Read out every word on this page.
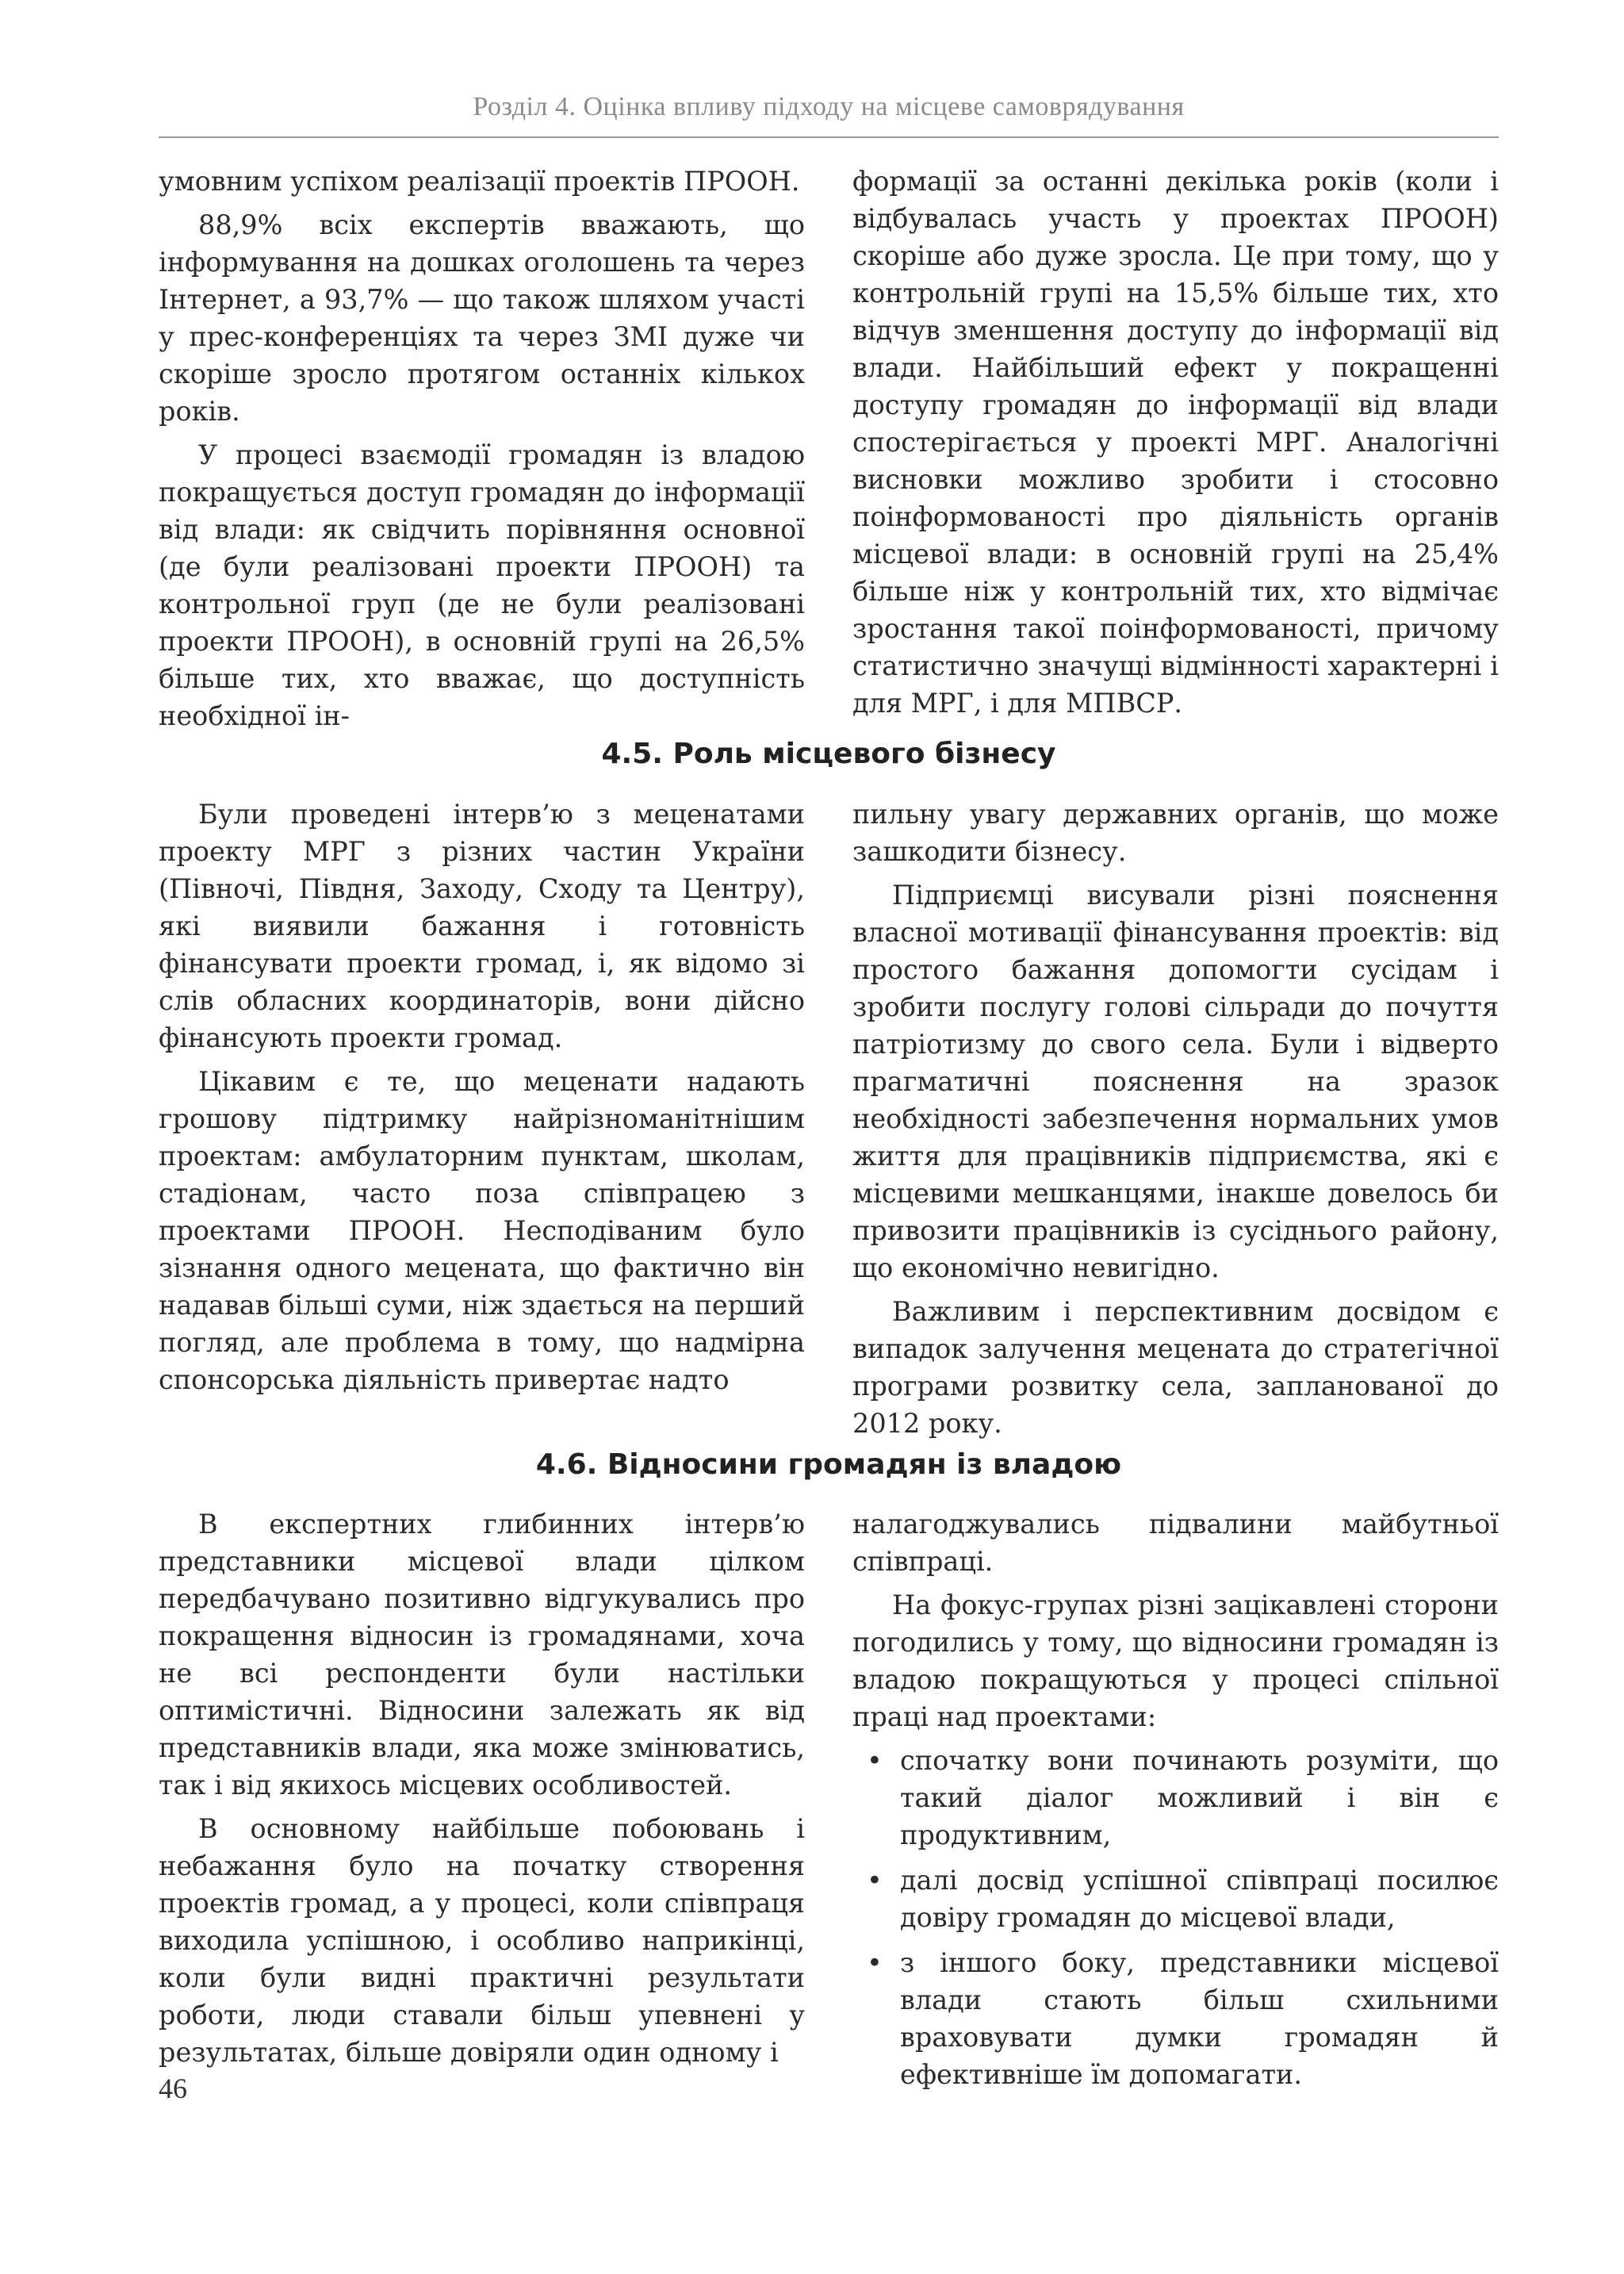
Розділ 4. Оцінка впливу підходу на місцеве самоврядування

умовним успіхом реалізації проектів ПРООН.

88,9% всіх експертів вважають, що інформування на дошках оголошень та через Інтернет, а 93,7% — що також шляхом участі у прес-конференціях та через ЗМІ дуже чи скоріше зросло протягом останніх кількох років.

У процесі взаємодії громадян із владою покращується доступ громадян до інформації від влади: як свідчить порівняння основної (де були реалізовані проекти ПРООН) та контрольної груп (де не були реалізовані проекти ПРООН), в основній групі на 26,5% більше тих, хто вважає, що доступність необхідної ін-

формації за останні декілька років (коли і відбувалась участь у проектах ПРООН) скоріше або дуже зросла. Це при тому, що у контрольній групі на 15,5% більше тих, хто відчув зменшення доступу до інформації від влади. Найбільший ефект у покращенні доступу громадян до інформації від влади спостерігається у проекті МРГ. Аналогічні висновки можливо зробити і стосовно поінформованості про діяльність органів місцевої влади: в основній групі на 25,4% більше ніж у контрольній тих, хто відмічає зростання такої поінформованості, причому статистично значущі відмінності характерні і для МРГ, і для МПВСР.

4.5. Роль місцевого бізнесу

Були проведені інтерв’ю з меценатами проекту МРГ з різних частин України (Півночі, Півдня, Заходу, Сходу та Центру), які виявили бажання і готовність фінансувати проекти громад, і, як відомо зі слів обласних координаторів, вони дійсно фінансують проекти громад.

Цікавим є те, що меценати надають грошову підтримку найрізноманітнішим проектам: амбулаторним пунктам, школам, стадіонам, часто поза співпрацею з проектами ПРООН. Несподіваним було зізнання одного мецената, що фактично він надавав більші суми, ніж здається на перший погляд, але проблема в тому, що надмірна спонсорська діяльність привертає надто

пильну увагу державних органів, що може зашкодити бізнесу.

Підприємці висували різні пояснення власної мотивації фінансування проектів: від простого бажання допомогти сусідам і зробити послугу голові сільради до почуття патріотизму до свого села. Були і відверто прагматичні пояснення на зразок необхідності забезпечення нормальних умов життя для працівників підприємства, які є місцевими мешканцями, інакше довелось би привозити працівників із сусіднього району, що економічно невигідно.

Важливим і перспективним досвідом є випадок залучення мецената до стратегічної програми розвитку села, запланованої до 2012 року.

4.6. Відносини громадян із владою

В експертних глибинних інтерв’ю представники місцевої влади цілком передбачувано позитивно відгукувались про покращення відносин із громадянами, хоча не всі респонденти були настільки оптимістичні. Відносини залежать як від представників влади, яка може змінюватись, так і від якихось місцевих особливостей.

В основному найбільше побоювань і небажання було на початку створення проектів громад, а у процесі, коли співпраця виходила успішною, і особливо наприкінці, коли були видні практичні результати роботи, люди ставали більш упевнені у результатах, більше довіряли один одному і

налагоджувались підвалини майбутньої співпраці.

На фокус-групах різні зацікавлені сторони погодились у тому, що відносини громадян із владою покращуються у процесі спільної праці над проектами:

• спочатку вони починають розуміти, що такий діалог можливий і він є продуктивним,
• далі досвід успішної співпраці посилює довіру громадян до місцевої влади,
• з іншого боку, представники місцевої влади стають більш схильними враховувати думки громадян й ефективніше їм допомагати.
46
